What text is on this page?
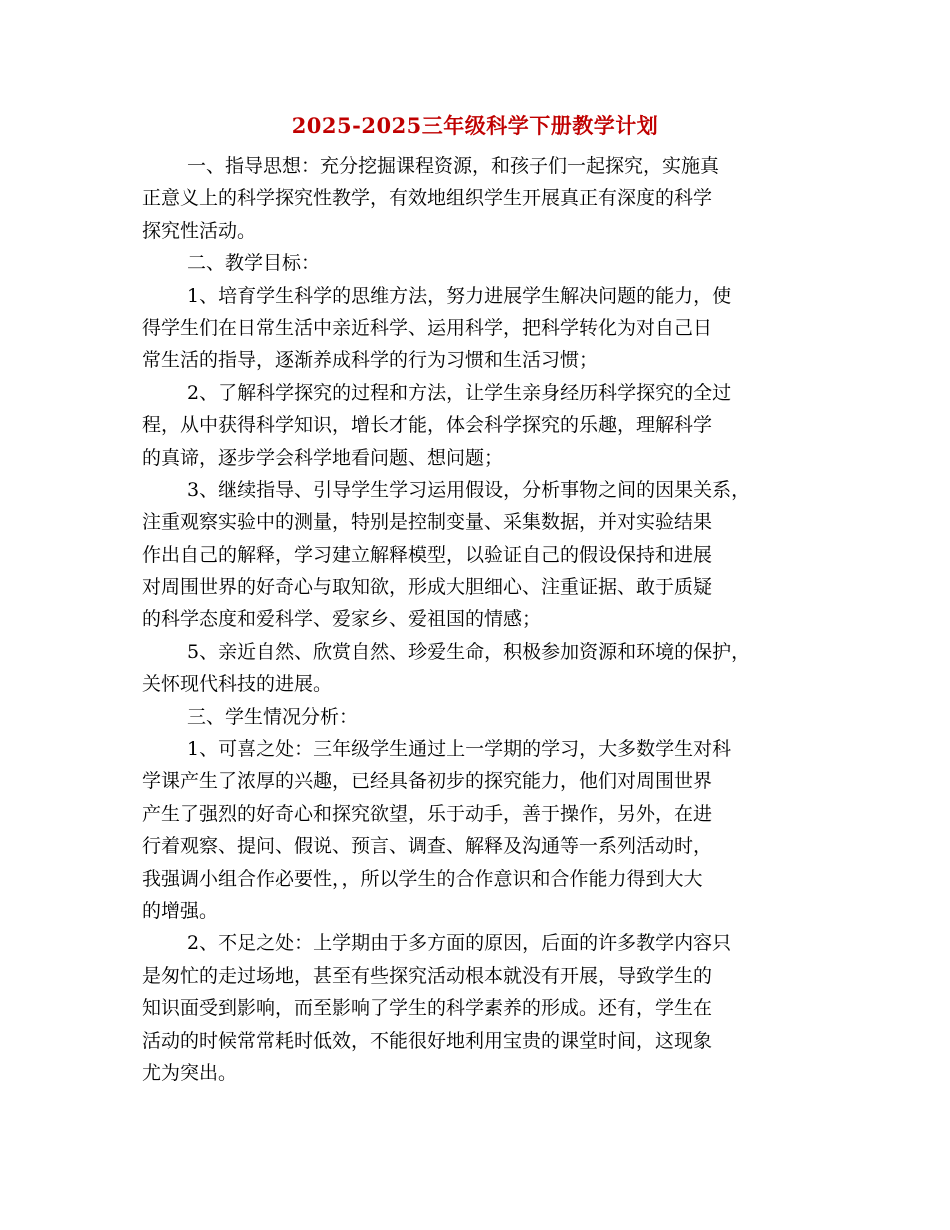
2025-2025三年级科学下册教学计划
一、指导思想：充分挖掘课程资源，和孩子们一起探究，实施真
正意义上的科学探究性教学，有效地组织学生开展真正有深度的科学
探究性活动。
二、教学目标：
1、培育学生科学的思维方法，努力进展学生解决问题的能力，使
得学生们在日常生活中亲近科学、运用科学，把科学转化为对自己日
常生活的指导，逐渐养成科学的行为习惯和生活习惯；
2、了解科学探究的过程和方法，让学生亲身经历科学探究的全过
程，从中获得科学知识，增长才能，体会科学探究的乐趣，理解科学
的真谛，逐步学会科学地看问题、想问题；
3、继续指导、引导学生学习运用假设，分析事物之间的因果关系，
注重观察实验中的测量，特别是控制变量、采集数据，并对实验结果
作出自己的解释，学习建立解释模型，以验证自己的假设保持和进展
对周围世界的好奇心与取知欲，形成大胆细心、注重证据、敢于质疑
的科学态度和爱科学、爱家乡、爱祖国的情感；
5、亲近自然、欣赏自然、珍爱生命，积极参加资源和环境的保护，
关怀现代科技的进展。
三、学生情况分析：
1、可喜之处：三年级学生通过上一学期的学习，大多数学生对科
学课产生了浓厚的兴趣，已经具备初步的探究能力，他们对周围世界
产生了强烈的好奇心和探究欲望，乐于动手，善于操作，另外，在进
行着观察、提问、假说、预言、调查、解释及沟通等一系列活动时，
我强调小组合作必要性，，所以学生的合作意识和合作能力得到大大
的增强。
2、不足之处：上学期由于多方面的原因，后面的许多教学内容只
是匆忙的走过场地，甚至有些探究活动根本就没有开展，导致学生的
知识面受到影响，而至影响了学生的科学素养的形成。还有，学生在
活动的时候常常耗时低效，不能很好地利用宝贵的课堂时间，这现象
尤为突出。
